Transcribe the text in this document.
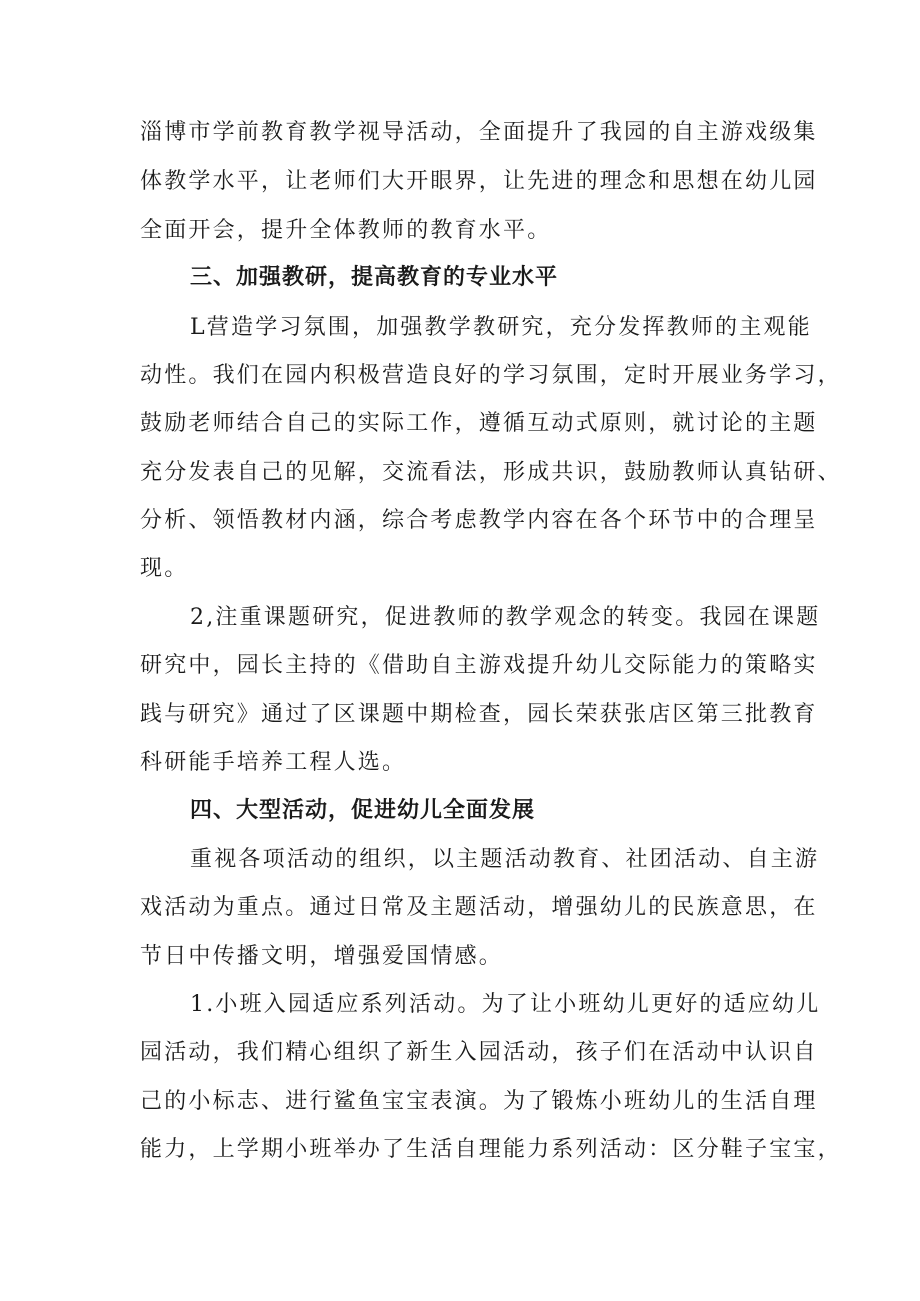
淄博市学前教育教学视导活动，全面提升了我园的自主游戏级集
体教学水平，让老师们大开眼界，让先进的理念和思想在幼儿园
全面开会，提升全体教师的教育水平。
三、加强教研，提高教育的专业水平
L营造学习氛围，加强教学教研究，充分发挥教师的主观能
动性。我们在园内积极营造良好的学习氛围，定时开展业务学习，
鼓励老师结合自己的实际工作，遵循互动式原则，就讨论的主题
充分发表自己的见解，交流看法，形成共识，鼓励教师认真钻研、
分析、领悟教材内涵，综合考虑教学内容在各个环节中的合理呈
现。
2,注重课题研究，促进教师的教学观念的转变。我园在课题
研究中，园长主持的《借助自主游戏提升幼儿交际能力的策略实
践与研究》通过了区课题中期检查，园长荣获张店区第三批教育
科研能手培养工程人选。
四、大型活动，促进幼儿全面发展
重视各项活动的组织，以主题活动教育、社团活动、自主游
戏活动为重点。通过日常及主题活动，增强幼儿的民族意思，在
节日中传播文明，增强爱国情感。
1.小班入园适应系列活动。为了让小班幼儿更好的适应幼儿
园活动，我们精心组织了新生入园活动，孩子们在活动中认识自
己的小标志、进行鲨鱼宝宝表演。为了锻炼小班幼儿的生活自理
能力，上学期小班举办了生活自理能力系列活动：区分鞋子宝宝，
